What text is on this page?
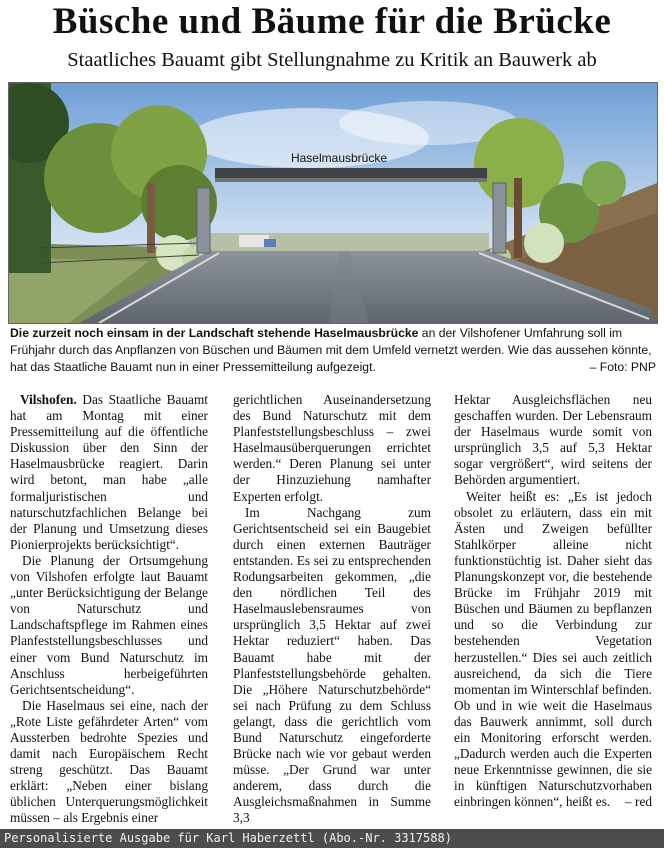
Büsche und Bäume für die Brücke
Staatliches Bauamt gibt Stellungnahme zu Kritik an Bauwerk ab
Haselmausbrücke
Die zurzeit noch einsam in der Landschaft stehende Haselmausbrücke an der Vilshofener Umfahrung soll im Frühjahr durch das Anpflanzen von Büschen und Bäumen mit dem Umfeld vernetzt werden. Wie das aussehen könnte, hat das Staatliche Bauamt nun in einer Pressemitteilung aufgezeigt.	– Foto: PNP

Vilshofen. Das Staatliche Bauamt hat am Montag mit einer Pressemitteilung auf die öffentliche Diskussion über den Sinn der Haselmausbrücke reagiert. Darin wird betont, man habe „alle formaljuristischen und naturschutzfachlichen Belange bei der Planung und Umsetzung dieses Pionierprojekts berücksichtigt“.

Die Planung der Ortsumgehung von Vilshofen erfolgte laut Bauamt „unter Berücksichtigung der Belange von Naturschutz und Landschaftspflege im Rahmen eines Planfeststellungsbeschlusses und einer vom Bund Naturschutz im Anschluss herbeigeführten Gerichtsentscheidung“.

Die Haselmaus sei eine, nach der „Rote Liste gefährdeter Arten“ vom Aussterben bedrohte Spezies und damit nach Europäischem Recht streng geschützt. Das Bauamt erklärt: „Neben einer bislang üblichen Unterquerungsmöglichkeit müssen – als Ergebnis einer

gerichtlichen Auseinandersetzung des Bund Naturschutz mit dem Planfeststellungsbeschluss – zwei Haselmausüberquerungen errichtet werden.“ Deren Planung sei unter der Hinzuziehung namhafter Experten erfolgt.

Im Nachgang zum Gerichtsentscheid sei ein Baugebiet durch einen externen Bauträger entstanden. Es sei zu entsprechenden Rodungsarbeiten gekommen, „die den nördlichen Teil des Haselmauslebensraumes von ursprünglich 3,5 Hektar auf zwei Hektar reduziert“ haben. Das Bauamt habe mit der Planfeststellungsbehörde gehalten. Die „Höhere Naturschutzbehörde“ sei nach Prüfung zu dem Schluss gelangt, dass die gerichtlich vom Bund Naturschutz eingeforderte Brücke nach wie vor gebaut werden müsse. „Der Grund war unter anderem, dass durch die Ausgleichsmaßnahmen in Summe 3,3

Hektar Ausgleichsflächen neu geschaffen wurden. Der Lebensraum der Haselmaus wurde somit von ursprünglich 3,5 auf 5,3 Hektar sogar vergrößert“, wird seitens der Behörden argumentiert.

Weiter heißt es: „Es ist jedoch obsolet zu erläutern, dass ein mit Ästen und Zweigen befüllter Stahlkörper alleine nicht funktionstüchtig ist. Daher sieht das Planungskonzept vor, die bestehende Brücke im Frühjahr 2019 mit Büschen und Bäumen zu bepflanzen und so die Verbindung zur bestehenden Vegetation herzustellen.“ Dies sei auch zeitlich ausreichend, da sich die Tiere momentan im Winterschlaf befinden. Ob und in wie weit die Haselmaus das Bauwerk annimmt, soll durch ein Monitoring erforscht werden. „Dadurch werden auch die Experten neue Erkenntnisse gewinnen, die sie in künftigen Naturschutzvorhaben einbringen können“, heißt es.	– red

Personalisierte Ausgabe für Karl Haberzettl (Abo.-Nr. 3317588)
